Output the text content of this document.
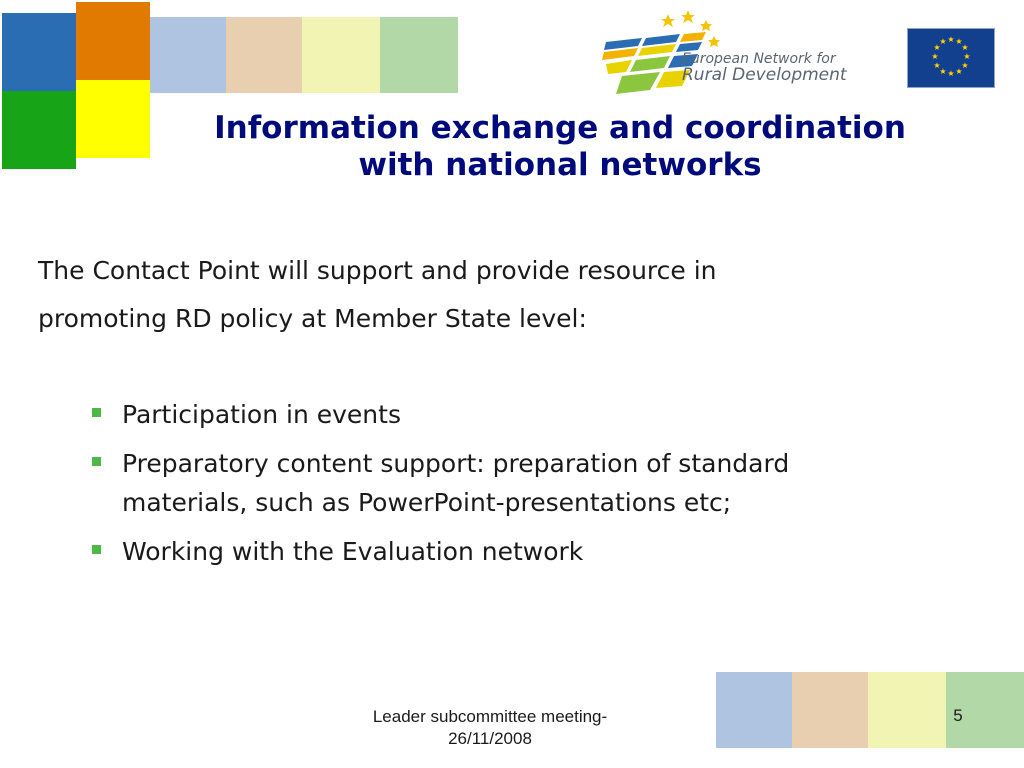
European Network for
Rural Development
★ ★
★
★
★
★
★
★
★
★
★
★
Information exchange and coordination
with national networks
The Contact Point will support and provide resource in
promoting RD policy at Member State level:
Participation in events
Preparatory content support: preparation of standard
materials, such as PowerPoint-presentations etc;
Working with the Evaluation network
Leader subcommittee meeting-
26/11/2008
5
